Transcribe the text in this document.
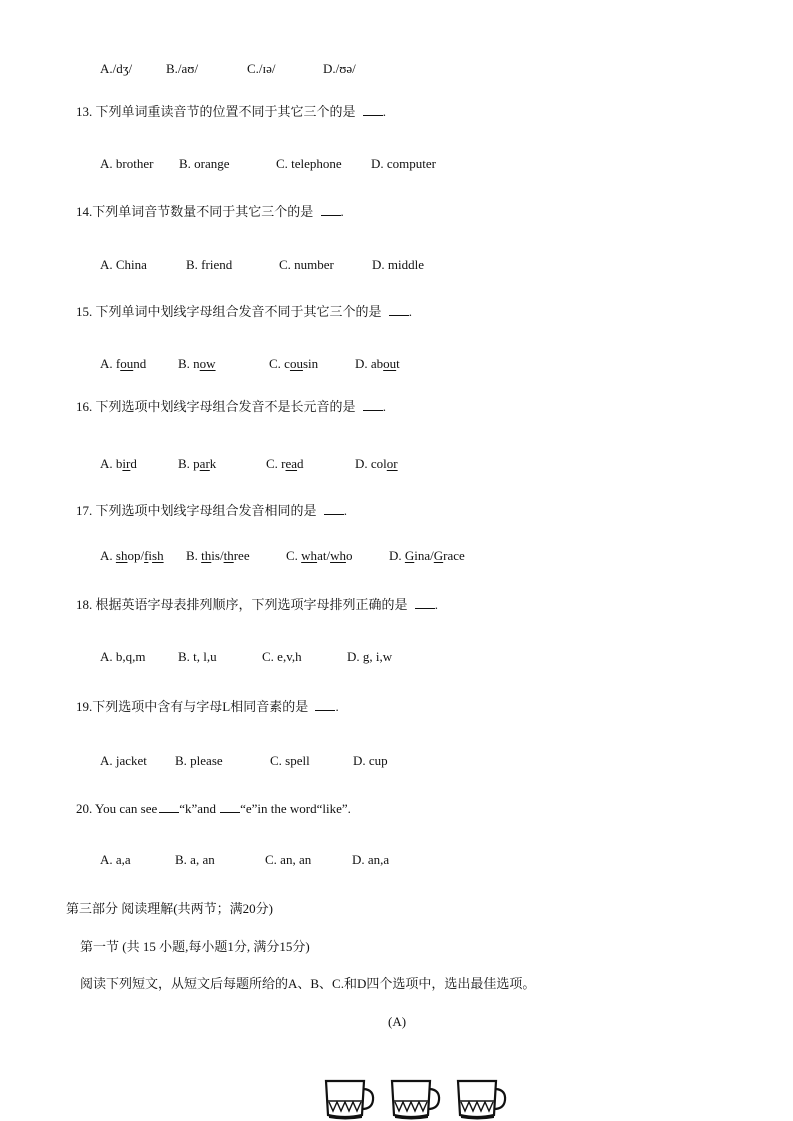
A./dʒ/	B./aʊ/	C./ɪə/	D./ʊə/
13. 下列单词重读音节的位置不同于其它三个的是 .
A. brother B. orange	C. telephone D. computer
14.下列单词音节数量不同于其它三个的是 .
A. China	B. friend	C. number	D. middle
15. 下列单词中划线字母组合发音不同于其它三个的是 .
A. found B. now	C. cousin	D. about
16. 下列选项中划线字母组合发音不是长元音的是 .
A. bird	B. park	C. read	D. color
17. 下列选项中划线字母组合发音相同的是 .
A. shop/fish B. this/three	C. what/who	D. Gina/Grace
18. 根据英语字母表排列顺序，下列选项字母排列正确的是 .
A. b,q,m	B. t, l,u	C. e,v,h	D. g, i,w
19.下列选项中含有与字母L相同音素的是 .
A. jacket B. please	C. spell	D. cup
20. You can see “k”and “e”in the word“like”.
A. a,a	B. a, an	C. an, an	D. an,a
第三部分 阅读理解(共两节；满20分)
第一节 (共 15 小题,每小题1分, 满分15分)
阅读下列短文，从短文后每题所给的A、B、C.和D四个选项中，选出最佳选项。
(A)
